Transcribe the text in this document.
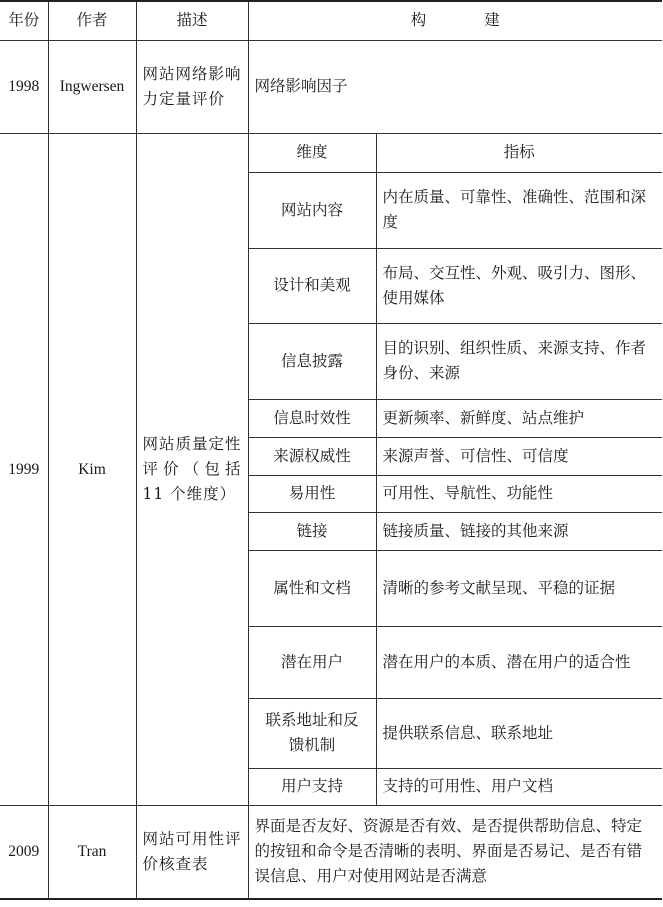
年份	作者	描述	构建	
1998	Ingwersen	网站网络影响力定量评价	网络影响因子	
1999	Kim	网站质量定性评价（包括 11 个维度）	维度	指标
			网站内容	内在质量、可靠性、准确性、范围和深度
			设计和美观	布局、交互性、外观、吸引力、图形、使用媒体
			信息披露	目的识别、组织性质、来源支持、作者身份、来源
			信息时效性	更新频率、新鲜度、站点维护
			来源权威性	来源声誉、可信性、可信度
			易用性	可用性、导航性、功能性
			链接	链接质量、链接的其他来源
			属性和文档	清晰的参考文献呈现、平稳的证据
			潜在用户	潜在用户的本质、潜在用户的适合性
			联系地址和反馈机制	提供联系信息、联系地址
			用户支持	支持的可用性、用户文档
2009	Tran	网站可用性评价核查表	界面是否友好、资源是否有效、是否提供帮助信息、特定的按钮和命令是否清晰的表明、界面是否易记、是否有错误信息、用户对使用网站是否满意	
